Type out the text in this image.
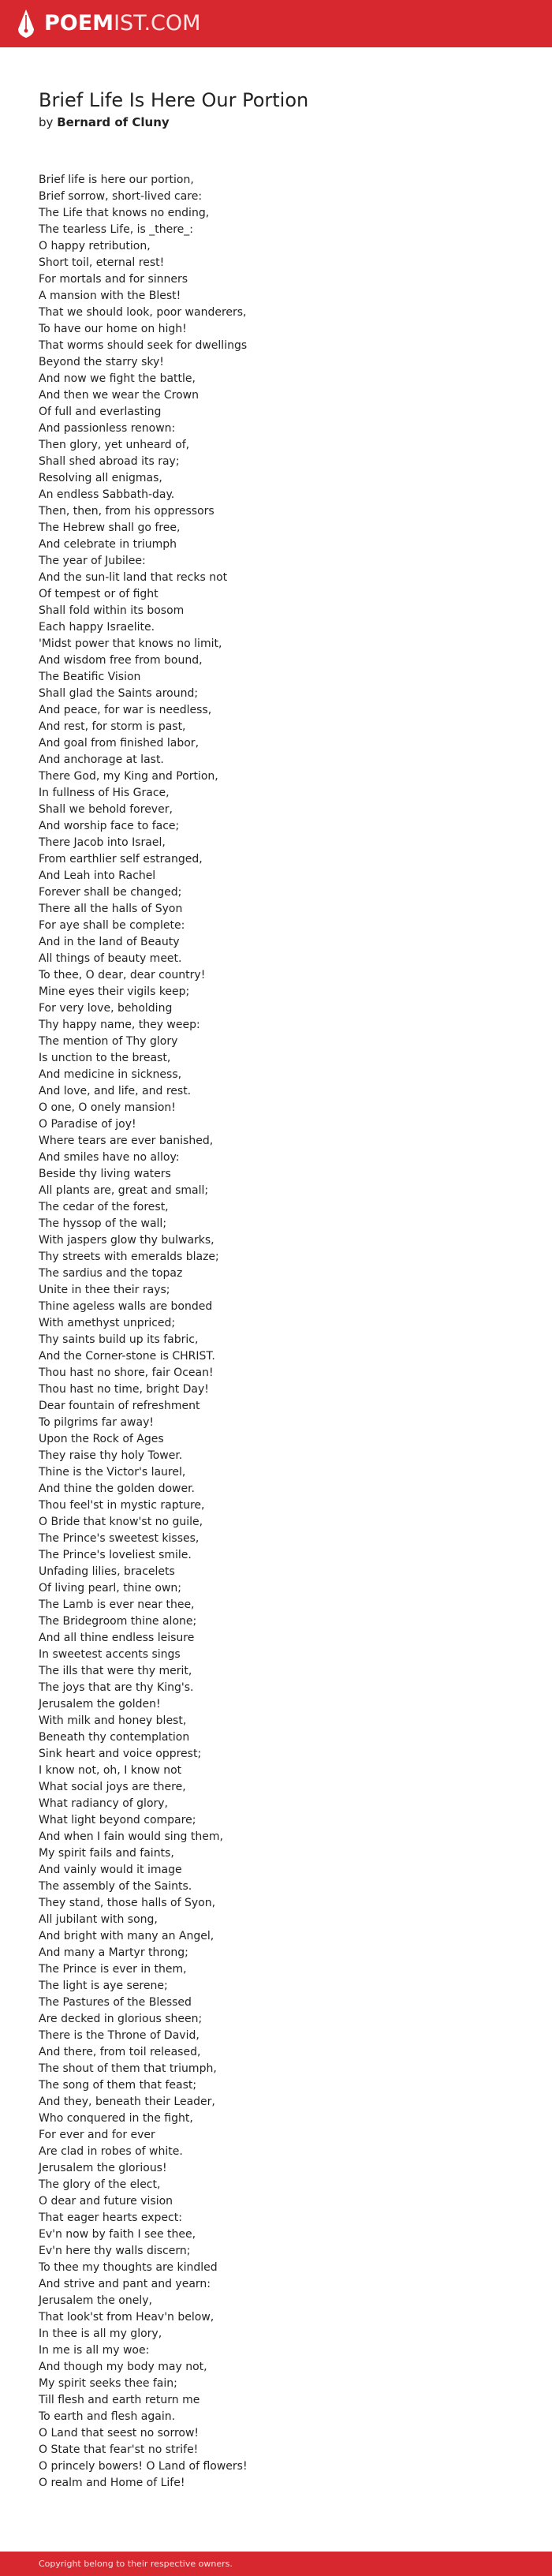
POEMIST.COM
Brief Life Is Here Our Portion
by Bernard of Cluny
Brief life is here our portion,
Brief sorrow, short-lived care:
The Life that knows no ending,
The tearless Life, is _there_:
O happy retribution,
Short toil, eternal rest!
For mortals and for sinners
A mansion with the Blest!
That we should look, poor wanderers,
To have our home on high!
That worms should seek for dwellings
Beyond the starry sky!
And now we fight the battle,
And then we wear the Crown
Of full and everlasting
And passionless renown:
Then glory, yet unheard of,
Shall shed abroad its ray;
Resolving all enigmas,
An endless Sabbath-day.
Then, then, from his oppressors
The Hebrew shall go free,
And celebrate in triumph
The year of Jubilee:
And the sun-lit land that recks not
Of tempest or of fight
Shall fold within its bosom
Each happy Israelite.
'Midst power that knows no limit,
And wisdom free from bound,
The Beatific Vision
Shall glad the Saints around;
And peace, for war is needless,
And rest, for storm is past,
And goal from finished labor,
And anchorage at last.
There God, my King and Portion,
In fullness of His Grace,
Shall we behold forever,
And worship face to face;
There Jacob into Israel,
From earthlier self estranged,
And Leah into Rachel
Forever shall be changed;
There all the halls of Syon
For aye shall be complete:
And in the land of Beauty
All things of beauty meet.
To thee, O dear, dear country!
Mine eyes their vigils keep;
For very love, beholding
Thy happy name, they weep:
The mention of Thy glory
Is unction to the breast,
And medicine in sickness,
And love, and life, and rest.
O one, O onely mansion!
O Paradise of joy!
Where tears are ever banished,
And smiles have no alloy:
Beside thy living waters
All plants are, great and small;
The cedar of the forest,
The hyssop of the wall;
With jaspers glow thy bulwarks,
Thy streets with emeralds blaze;
The sardius and the topaz
Unite in thee their rays;
Thine ageless walls are bonded
With amethyst unpriced;
Thy saints build up its fabric,
And the Corner-stone is CHRIST.
Thou hast no shore, fair Ocean!
Thou hast no time, bright Day!
Dear fountain of refreshment
To pilgrims far away!
Upon the Rock of Ages
They raise thy holy Tower.
Thine is the Victor's laurel,
And thine the golden dower.
Thou feel'st in mystic rapture,
O Bride that know'st no guile,
The Prince's sweetest kisses,
The Prince's loveliest smile.
Unfading lilies, bracelets
Of living pearl, thine own;
The Lamb is ever near thee,
The Bridegroom thine alone;
And all thine endless leisure
In sweetest accents sings
The ills that were thy merit,
The joys that are thy King's.
Jerusalem the golden!
With milk and honey blest,
Beneath thy contemplation
Sink heart and voice opprest;
I know not, oh, I know not
What social joys are there,
What radiancy of glory,
What light beyond compare;
And when I fain would sing them,
My spirit fails and faints,
And vainly would it image
The assembly of the Saints.
They stand, those halls of Syon,
All jubilant with song,
And bright with many an Angel,
And many a Martyr throng;
The Prince is ever in them,
The light is aye serene;
The Pastures of the Blessed
Are decked in glorious sheen;
There is the Throne of David,
And there, from toil released,
The shout of them that triumph,
The song of them that feast;
And they, beneath their Leader,
Who conquered in the fight,
For ever and for ever
Are clad in robes of white.
Jerusalem the glorious!
The glory of the elect,
O dear and future vision
That eager hearts expect:
Ev'n now by faith I see thee,
Ev'n here thy walls discern;
To thee my thoughts are kindled
And strive and pant and yearn:
Jerusalem the onely,
That look'st from Heav'n below,
In thee is all my glory,
In me is all my woe:
And though my body may not,
My spirit seeks thee fain;
Till flesh and earth return me
To earth and flesh again.
O Land that seest no sorrow!
O State that fear'st no strife!
O princely bowers! O Land of flowers!
O realm and Home of Life!
Copyright belong to their respective owners.
